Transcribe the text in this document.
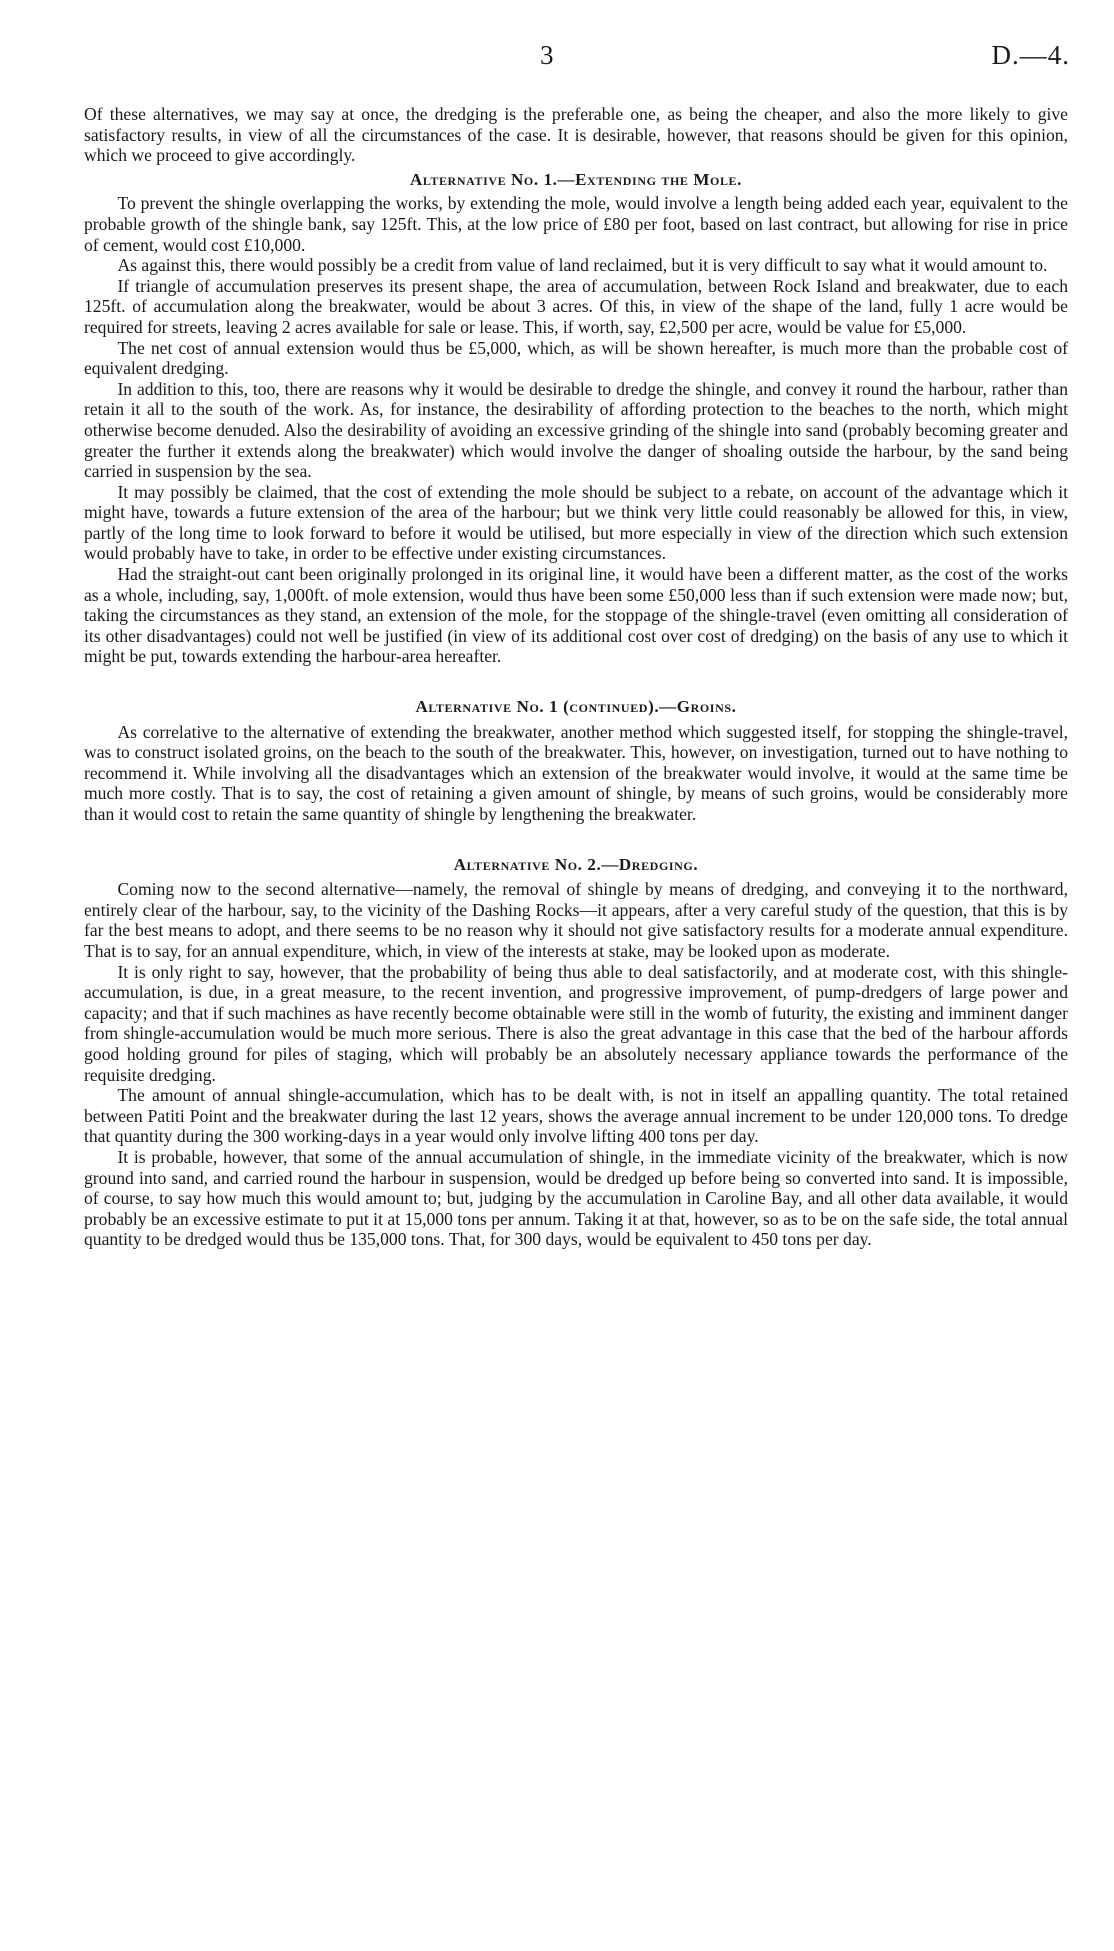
3	D.—4.

Of these alternatives, we may say at once, the dredging is the preferable one, as being the cheaper, and also the more likely to give satisfactory results, in view of all the circumstances of the case. It is desirable, however, that reasons should be given for this opinion, which we proceed to give accordingly.

Alternative No. 1.—Extending the Mole.

To prevent the shingle overlapping the works, by extending the mole, would involve a length being added each year, equivalent to the probable growth of the shingle bank, say 125ft. This, at the low price of £80 per foot, based on last contract, but allowing for rise in price of cement, would cost £10,000.

As against this, there would possibly be a credit from value of land reclaimed, but it is very difficult to say what it would amount to.

If triangle of accumulation preserves its present shape, the area of accumulation, between Rock Island and breakwater, due to each 125ft. of accumulation along the breakwater, would be about 3 acres. Of this, in view of the shape of the land, fully 1 acre would be required for streets, leaving 2 acres available for sale or lease. This, if worth, say, £2,500 per acre, would be value for £5,000.

The net cost of annual extension would thus be £5,000, which, as will be shown hereafter, is much more than the probable cost of equivalent dredging.

In addition to this, too, there are reasons why it would be desirable to dredge the shingle, and convey it round the harbour, rather than retain it all to the south of the work. As, for instance, the desirability of affording protection to the beaches to the north, which might otherwise become denuded. Also the desirability of avoiding an excessive grinding of the shingle into sand (probably becoming greater and greater the further it extends along the breakwater) which would involve the danger of shoaling outside the harbour, by the sand being carried in suspension by the sea.

It may possibly be claimed, that the cost of extending the mole should be subject to a rebate, on account of the advantage which it might have, towards a future extension of the area of the harbour; but we think very little could reasonably be allowed for this, in view, partly of the long time to look forward to before it would be utilised, but more especially in view of the direction which such extension would probably have to take, in order to be effective under existing circumstances.

Had the straight-out cant been originally prolonged in its original line, it would have been a different matter, as the cost of the works as a whole, including, say, 1,000ft. of mole extension, would thus have been some £50,000 less than if such extension were made now; but, taking the circumstances as they stand, an extension of the mole, for the stoppage of the shingle-travel (even omitting all consideration of its other disadvantages) could not well be justified (in view of its additional cost over cost of dredging) on the basis of any use to which it might be put, towards extending the harbour-area hereafter.

Alternative No. 1 (continued).—Groins.

As correlative to the alternative of extending the breakwater, another method which suggested itself, for stopping the shingle-travel, was to construct isolated groins, on the beach to the south of the breakwater. This, however, on investigation, turned out to have nothing to recommend it. While involving all the disadvantages which an extension of the breakwater would involve, it would at the same time be much more costly. That is to say, the cost of retaining a given amount of shingle, by means of such groins, would be considerably more than it would cost to retain the same quantity of shingle by lengthening the breakwater.

Alternative No. 2.—Dredging.

Coming now to the second alternative—namely, the removal of shingle by means of dredging, and conveying it to the northward, entirely clear of the harbour, say, to the vicinity of the Dashing Rocks—it appears, after a very careful study of the question, that this is by far the best means to adopt, and there seems to be no reason why it should not give satisfactory results for a moderate annual expenditure. That is to say, for an annual expenditure, which, in view of the interests at stake, may be looked upon as moderate.

It is only right to say, however, that the probability of being thus able to deal satisfactorily, and at moderate cost, with this shingle-accumulation, is due, in a great measure, to the recent invention, and progressive improvement, of pump-dredgers of large power and capacity; and that if such machines as have recently become obtainable were still in the womb of futurity, the existing and imminent danger from shingle-accumulation would be much more serious. There is also the great advantage in this case that the bed of the harbour affords good holding ground for piles of staging, which will probably be an absolutely necessary appliance towards the performance of the requisite dredging.

The amount of annual shingle-accumulation, which has to be dealt with, is not in itself an appalling quantity. The total retained between Patiti Point and the breakwater during the last 12 years, shows the average annual increment to be under 120,000 tons. To dredge that quantity during the 300 working-days in a year would only involve lifting 400 tons per day.

It is probable, however, that some of the annual accumulation of shingle, in the immediate vicinity of the breakwater, which is now ground into sand, and carried round the harbour in suspension, would be dredged up before being so converted into sand. It is impossible, of course, to say how much this would amount to; but, judging by the accumulation in Caroline Bay, and all other data available, it would probably be an excessive estimate to put it at 15,000 tons per annum. Taking it at that, however, so as to be on the safe side, the total annual quantity to be dredged would thus be 135,000 tons. That, for 300 days, would be equivalent to 450 tons per day.
